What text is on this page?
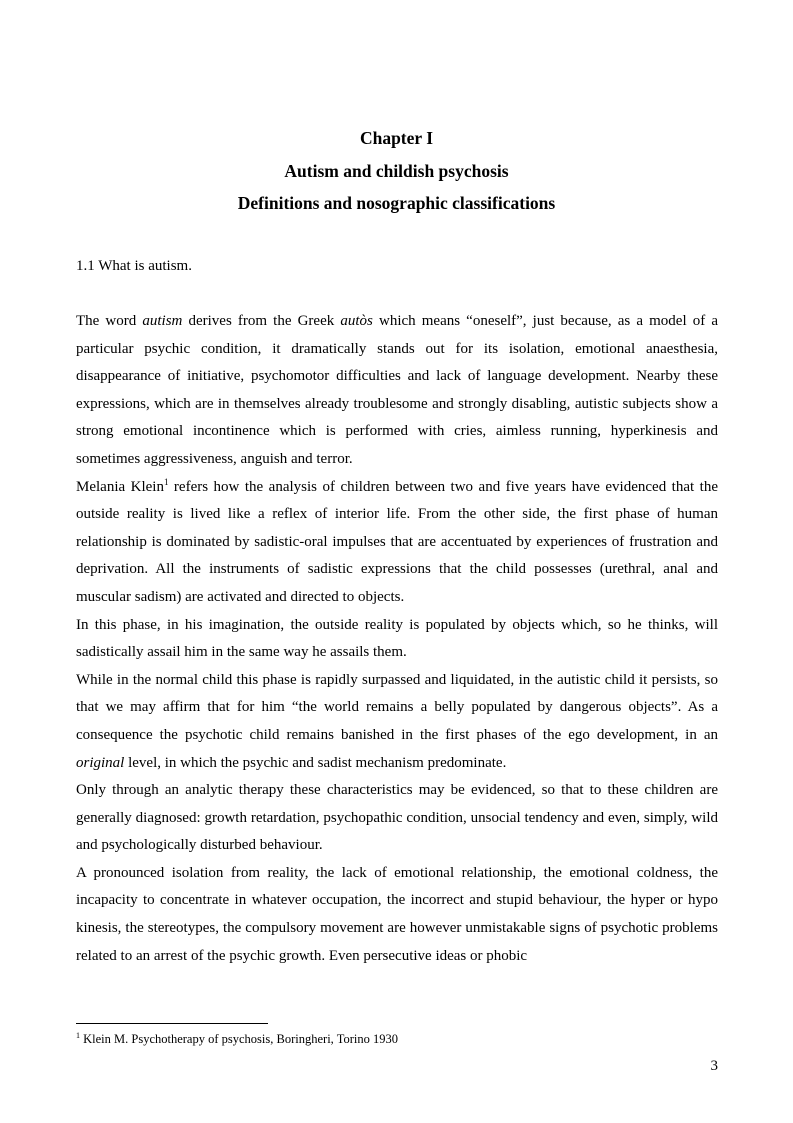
Chapter I
Autism and childish psychosis
Definitions and nosographic classifications
1.1 What is autism.

The word autism derives from the Greek autòs which means “oneself”, just because, as a model of a particular psychic condition, it dramatically stands out for its isolation, emotional anaesthesia, disappearance of initiative, psychomotor difficulties and lack of language development. Nearby these expressions, which are in themselves already troublesome and strongly disabling, autistic subjects show a strong emotional incontinence which is performed with cries, aimless running, hyperkinesis and sometimes aggressiveness, anguish and terror.

Melania Klein$^1$ refers how the analysis of children between two and five years have evidenced that the outside reality is lived like a reflex of interior life. From the other side, the first phase of human relationship is dominated by sadistic-oral impulses that are accentuated by experiences of frustration and deprivation. All the instruments of sadistic expressions that the child possesses (urethral, anal and muscular sadism) are activated and directed to objects.

In this phase, in his imagination, the outside reality is populated by objects which, so he thinks, will sadistically assail him in the same way he assails them.

While in the normal child this phase is rapidly surpassed and liquidated, in the autistic child it persists, so that we may affirm that for him “the world remains a belly populated by dangerous objects”. As a consequence the psychotic child remains banished in the first phases of the ego development, in an original level, in which the psychic and sadist mechanism predominate.

Only through an analytic therapy these characteristics may be evidenced, so that to these children are generally diagnosed: growth retardation, psychopathic condition, unsocial tendency and even, simply, wild and psychologically disturbed behaviour.

A pronounced isolation from reality, the lack of emotional relationship, the emotional coldness, the incapacity to concentrate in whatever occupation, the incorrect and stupid behaviour, the hyper or hypo kinesis, the stereotypes, the compulsory movement are however unmistakable signs of psychotic problems related to an arrest of the psychic growth. Even persecutive ideas or phobic

$^1$ Klein M. Psychotherapy of psychosis, Boringheri, Torino 1930
3
